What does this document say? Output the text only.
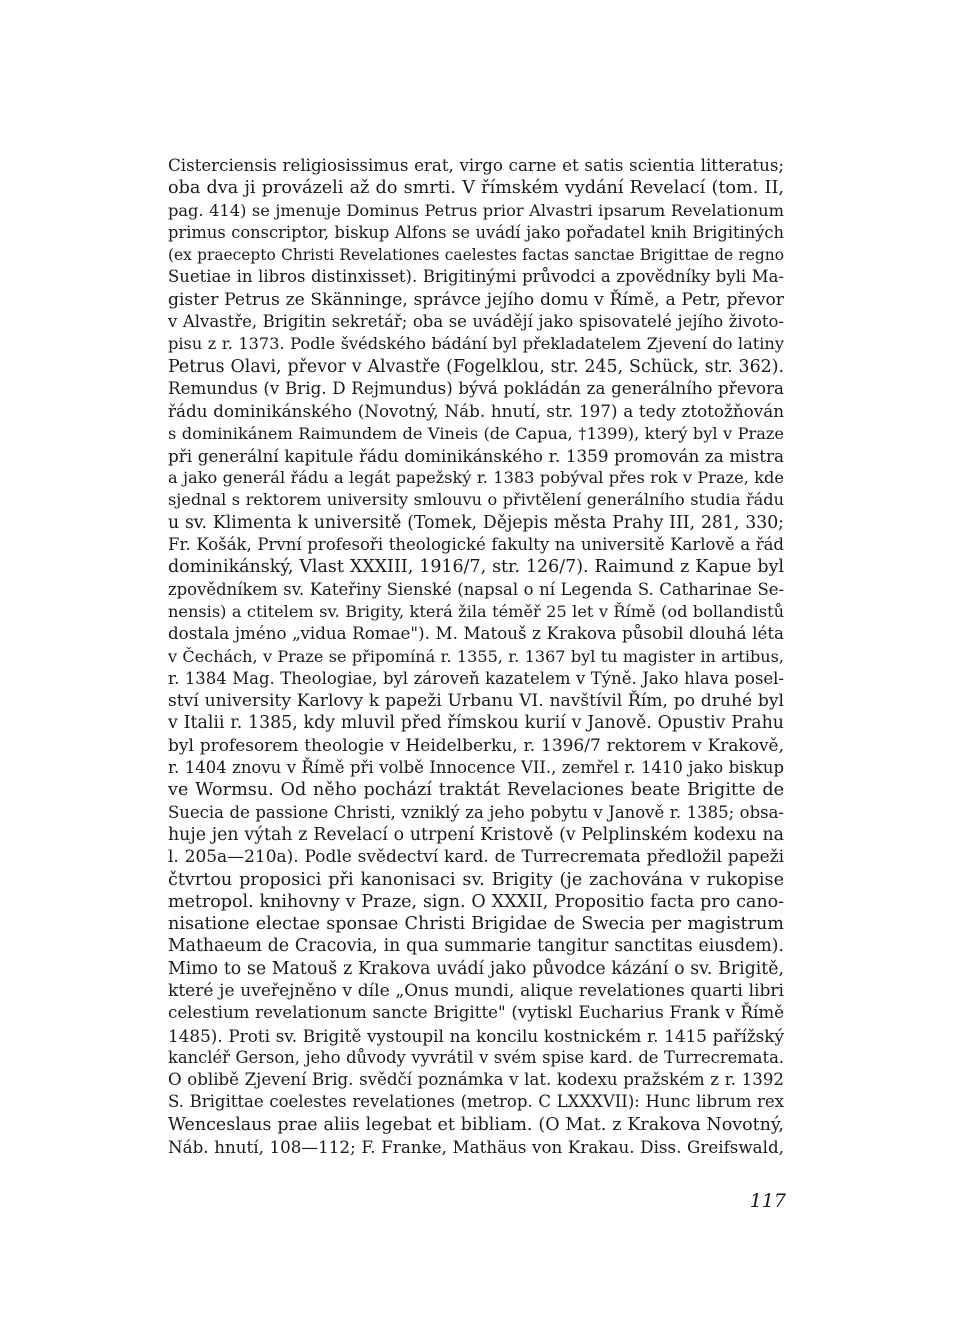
Cisterciensis religiosissimus erat, virgo carne et satis scientia litteratus;
oba dva ji provázeli až do smrti. V římském vydání Revelací (tom. II,
pag. 414) se jmenuje Dominus Petrus prior Alvastri ipsarum Revelationum
primus conscriptor, biskup Alfons se uvádí jako pořadatel knih Brigitiných
(ex praecepto Christi Revelationes caelestes factas sanctae Brigittae de regno
Suetiae in libros distinxisset). Brigitinými průvodci a zpovědníky byli Ma-
gister Petrus ze Skänninge, správce jejího domu v Římě, a Petr, převor
v Alvastře, Brigitin sekretář; oba se uvádějí jako spisovatelé jejího životo-
pisu z r. 1373. Podle švédského bádání byl překladatelem Zjevení do latiny
Petrus Olavi, převor v Alvastře (Fogelklou, str. 245, Schück, str. 362).
Remundus (v Brig. D Rejmundus) bývá pokládán za generálního převora
řádu dominikánského (Novotný, Náb. hnutí, str. 197) a tedy ztotožňován
s dominikánem Raimundem de Vineis (de Capua, †1399), který byl v Praze
při generální kapitule řádu dominikánského r. 1359 promován za mistra
a jako generál řádu a legát papežský r. 1383 pobýval přes rok v Praze, kde
sjednal s rektorem university smlouvu o přivtělení generálního studia řádu
u sv. Klimenta k universitě (Tomek, Dějepis města Prahy III, 281, 330;
Fr. Košák, První profesoři theologické fakulty na universitě Karlově a řád
dominikánský, Vlast XXXIII, 1916/7, str. 126/7). Raimund z Kapue byl
zpovědníkem sv. Kateřiny Sienské (napsal o ní Legenda S. Catharinae Se-
nensis) a ctitelem sv. Brigity, která žila téměř 25 let v Římě (od bollandistů
dostala jméno „vidua Romae"). M. Matouš z Krakova působil dlouhá léta
v Čechách, v Praze se připomíná r. 1355, r. 1367 byl tu magister in artibus,
r. 1384 Mag. Theologiae, byl zároveň kazatelem v Týně. Jako hlava posel-
ství university Karlovy k papeži Urbanu VI. navštívil Řím, po druhé byl
v Italii r. 1385, kdy mluvil před římskou kurií v Janově. Opustiv Prahu
byl profesorem theologie v Heidelberku, r. 1396/7 rektorem v Krakově,
r. 1404 znovu v Římě při volbě Innocence VII., zemřel r. 1410 jako biskup
ve Wormsu. Od něho pochází traktát Revelaciones beate Brigitte de
Suecia de passione Christi, vzniklý za jeho pobytu v Janově r. 1385; obsa-
huje jen výtah z Revelací o utrpení Kristově (v Pelplinském kodexu na
l. 205a—210a). Podle svědectví kard. de Turrecremata předložil papeži
čtvrtou proposici při kanonisaci sv. Brigity (je zachována v rukopise
metropol. knihovny v Praze, sign. O XXXII, Propositio facta pro cano-
nisatione electae sponsae Christi Brigidae de Swecia per magistrum
Mathaeum de Cracovia, in qua summarie tangitur sanctitas eiusdem).
Mimo to se Matouš z Krakova uvádí jako původce kázání o sv. Brigitě,
které je uveřejněno v díle „Onus mundi, alique revelationes quarti libri
celestium revelationum sancte Brigitte" (vytiskl Eucharius Frank v Římě
1485). Proti sv. Brigitě vystoupil na koncilu kostnickém r. 1415 pařížský
kancléř Gerson, jeho důvody vyvrátil v svém spise kard. de Turrecremata.
O oblibě Zjevení Brig. svědčí poznámka v lat. kodexu pražském z r. 1392
S. Brigittae coelestes revelationes (metrop. C LXXXVII): Hunc librum rex
Wenceslaus prae aliis legebat et bibliam. (O Mat. z Krakova Novotný,
Náb. hnutí, 108—112; F. Franke, Mathäus von Krakau. Diss. Greifswald,
117
